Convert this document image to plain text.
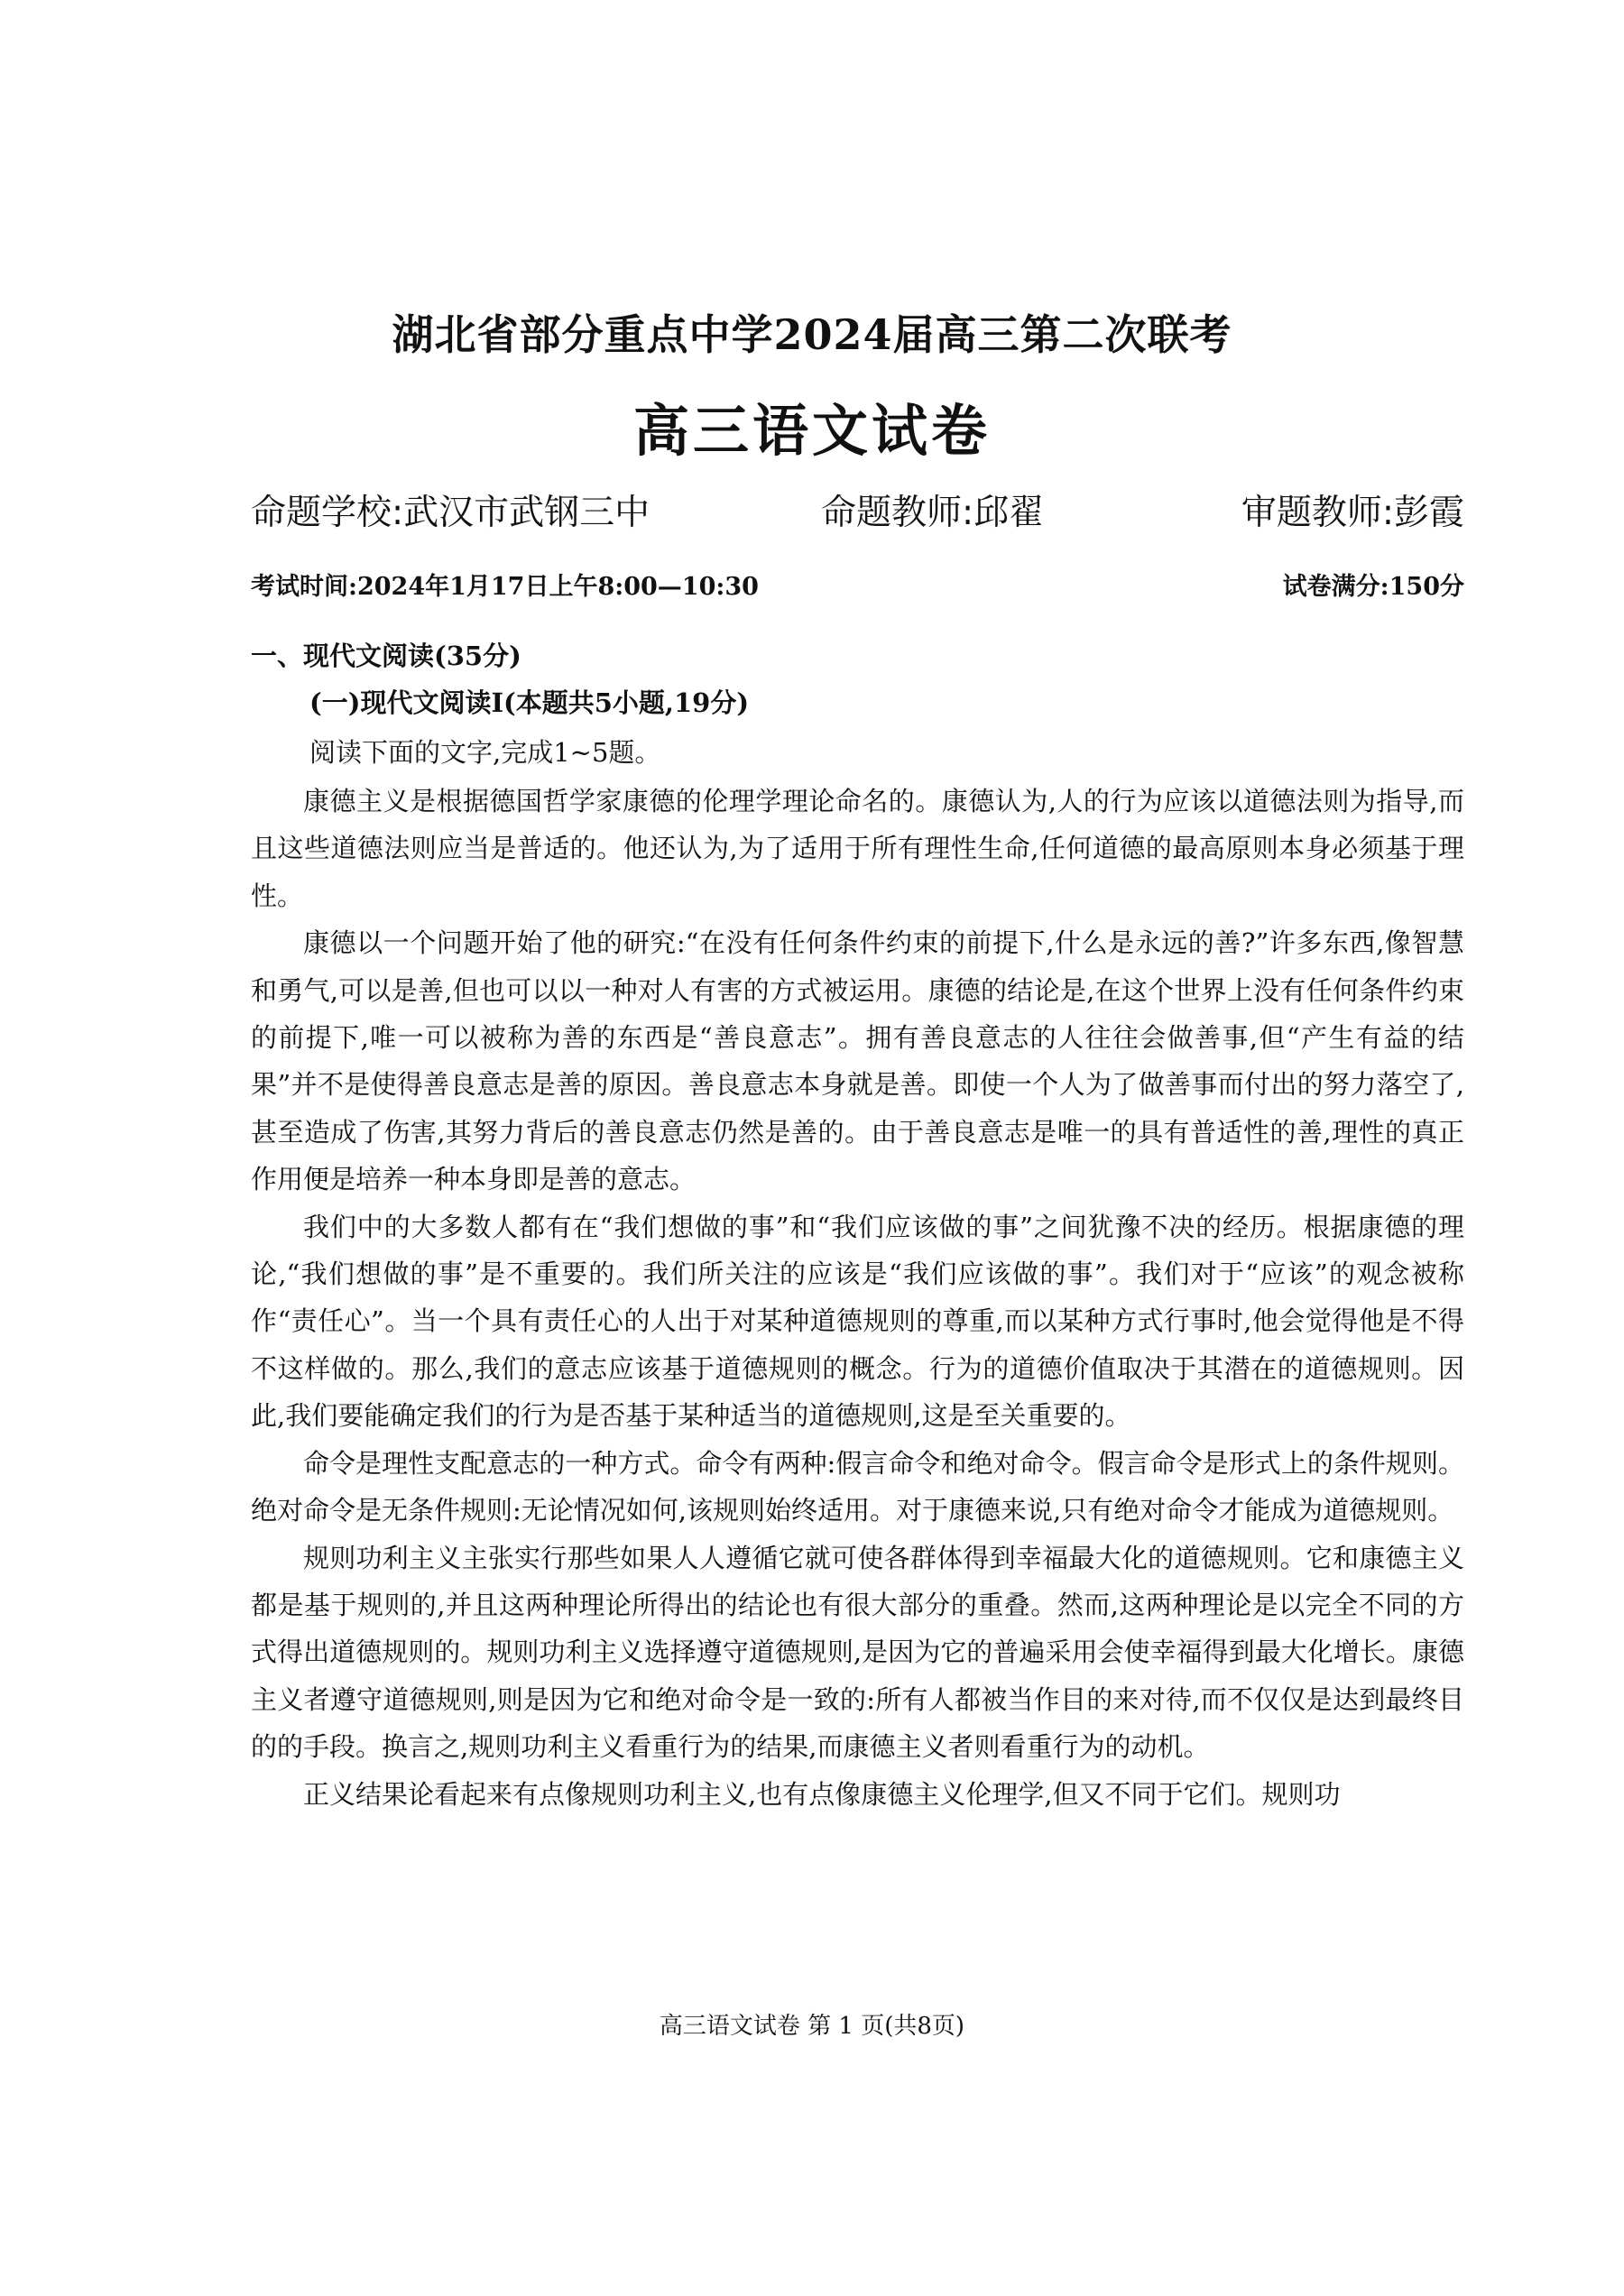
湖北省部分重点中学2024届高三第二次联考
高三语文试卷
命题学校:武汉市武钢三中	命题教师:邱翟	审题教师:彭霞
考试时间:2024年1月17日上午8:00—10:30	试卷满分:150分
一、现代文阅读(35分)
(一)现代文阅读Ⅰ(本题共5小题,19分)
阅读下面的文字,完成1~5题。

康德主义是根据德国哲学家康德的伦理学理论命名的。康德认为,人的行为应该以道德法则为指导,而且这些道德法则应当是普适的。他还认为,为了适用于所有理性生命,任何道德的最高原则本身必须基于理性。

康德以一个问题开始了他的研究:“在没有任何条件约束的前提下,什么是永远的善?”许多东西,像智慧和勇气,可以是善,但也可以以一种对人有害的方式被运用。康德的结论是,在这个世界上没有任何条件约束的前提下,唯一可以被称为善的东西是“善良意志”。拥有善良意志的人往往会做善事,但“产生有益的结果”并不是使得善良意志是善的原因。善良意志本身就是善。即使一个人为了做善事而付出的努力落空了,甚至造成了伤害,其努力背后的善良意志仍然是善的。由于善良意志是唯一的具有普适性的善,理性的真正作用便是培养一种本身即是善的意志。

我们中的大多数人都有在“我们想做的事”和“我们应该做的事”之间犹豫不决的经历。根据康德的理论,“我们想做的事”是不重要的。我们所关注的应该是“我们应该做的事”。我们对于“应该”的观念被称作“责任心”。当一个具有责任心的人出于对某种道德规则的尊重,而以某种方式行事时,他会觉得他是不得不这样做的。那么,我们的意志应该基于道德规则的概念。行为的道德价值取决于其潜在的道德规则。因此,我们要能确定我们的行为是否基于某种适当的道德规则,这是至关重要的。

命令是理性支配意志的一种方式。命令有两种:假言命令和绝对命令。假言命令是形式上的条件规则。绝对命令是无条件规则:无论情况如何,该规则始终适用。对于康德来说,只有绝对命令才能成为道德规则。

规则功利主义主张实行那些如果人人遵循它就可使各群体得到幸福最大化的道德规则。它和康德主义都是基于规则的,并且这两种理论所得出的结论也有很大部分的重叠。然而,这两种理论是以完全不同的方式得出道德规则的。规则功利主义选择遵守道德规则,是因为它的普遍采用会使幸福得到最大化增长。康德主义者遵守道德规则,则是因为它和绝对命令是一致的:所有人都被当作目的来对待,而不仅仅是达到最终目的的手段。换言之,规则功利主义看重行为的结果,而康德主义者则看重行为的动机。

正义结果论看起来有点像规则功利主义,也有点像康德主义伦理学,但又不同于它们。规则功

高三语文试卷 第 1 页(共8页)
